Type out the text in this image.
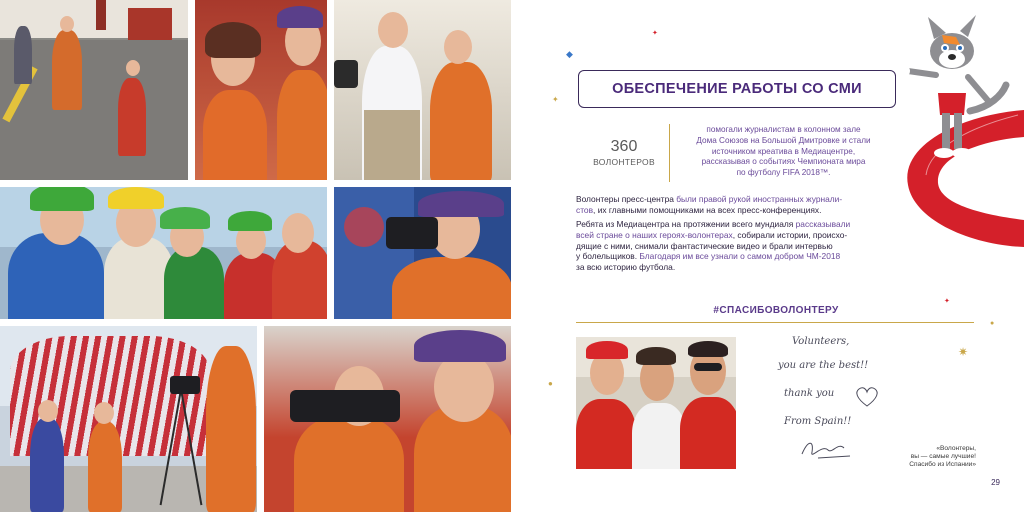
◆
✦
✦
●
✦
✷
●
ОБЕСПЕЧЕНИЕ РАБОТЫ СО СМИ
360
ВОЛОНТЕРОВ
помогали журналистам в колонном зале
Дома Союзов на Большой Дмитровке и стали
источником креатива в Медиацентре,
рассказывая о событиях Чемпионата мира
по футболу FIFA 2018™.
Волонтеры пресс-центра были правой рукой иностранных журнали-
стов, их главными помощниками на всех пресс-конференциях.
Ребята из Медиацентра на протяжении всего мундиаля рассказывали
всей стране о наших героях-волонтерах, собирали истории, происхо-
дящие с ними, снимали фантастические видео и брали интервью
у болельщиков. Благодаря им все узнали о самом добром ЧМ-2018
за всю историю футбола.
#СПАСИБОВОЛОНТЕРУ
Volunteers,
you are the best!!
thank you
From Spain!!
«Волонтеры,
вы — самые лучшие!
Спасибо из Испании»
29
